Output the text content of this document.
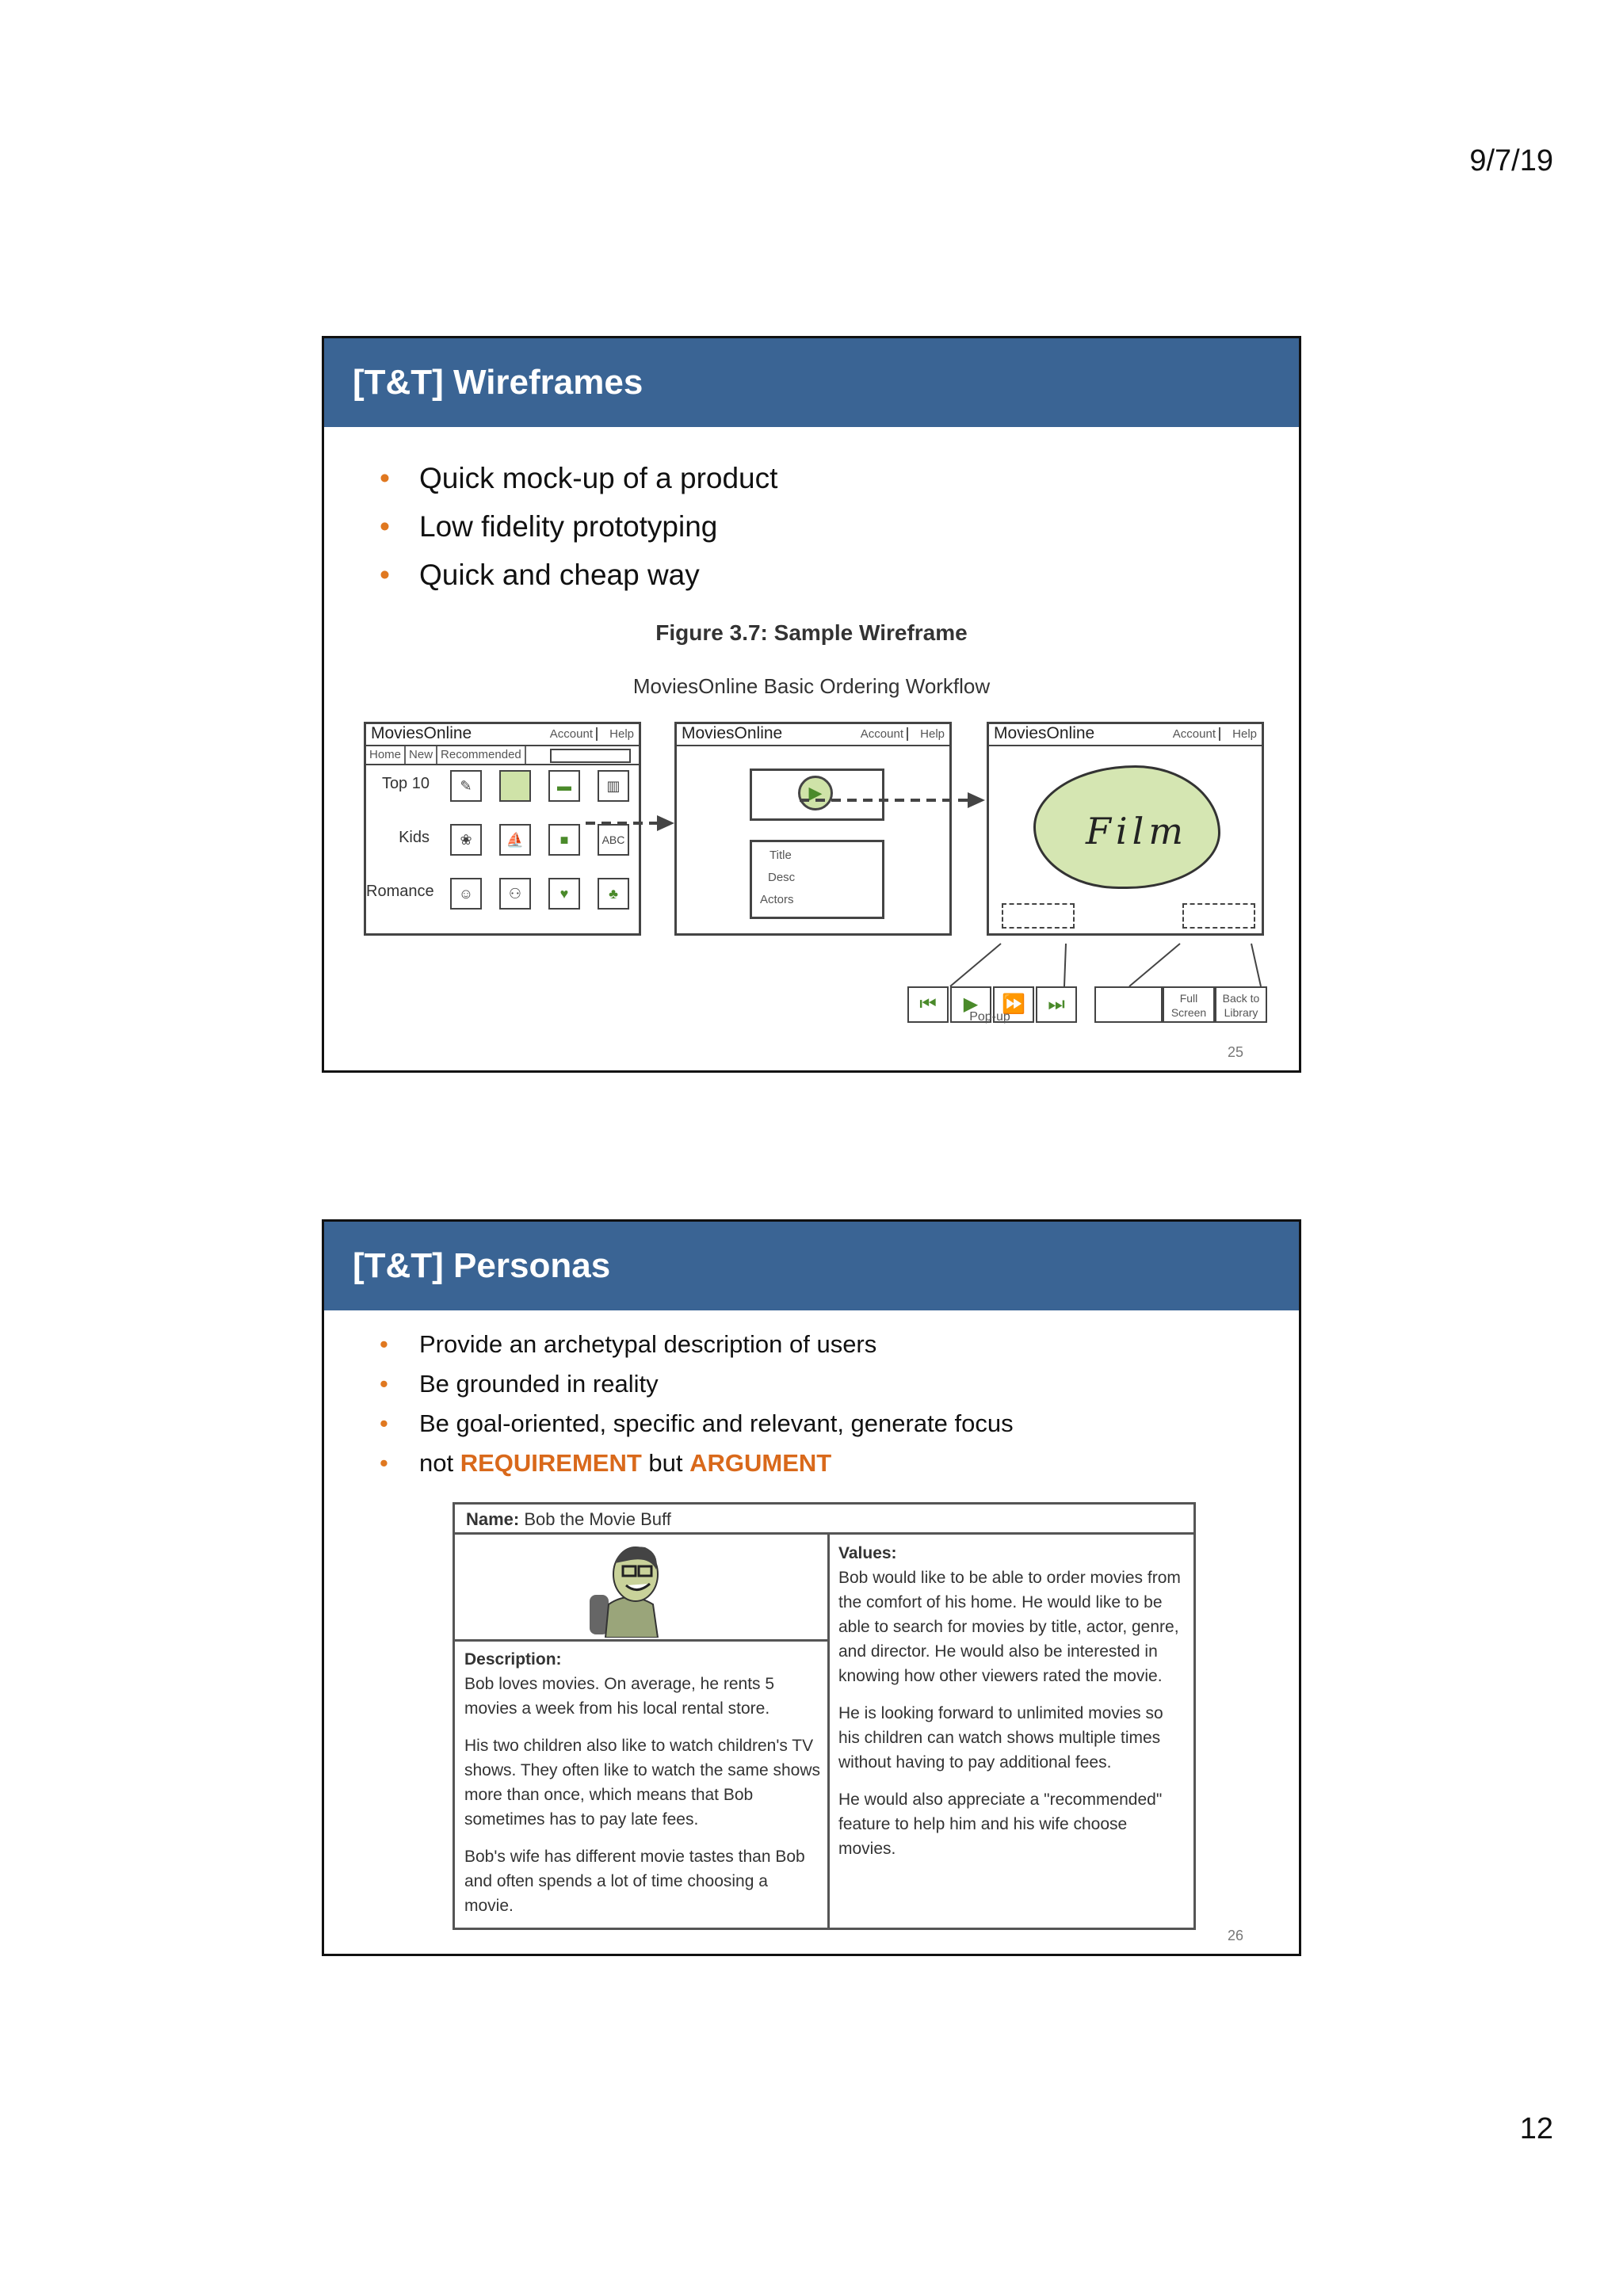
9/7/19
[T&T] Wireframes
• Quick mock-up of a product
• Low fidelity prototyping
• Quick and cheap way
Figure 3.7: Sample Wireframe
MoviesOnline Basic Ordering Workflow
MoviesOnline	Account	Help
Home New Recommended
Top 10
Kids
Romance
✎	▬	▥
❀	⛵	■	ABC
☺	⚇	♥	♣
MoviesOnline	Account	Help
▶
Title
Desc
Actors
MoviesOnline	Account	Help
Film
⏮	▶	⏩	⏭	Full Screen
Back to Library
Pop-up
25
[T&T] Personas
• Provide an archetypal description of users
• Be grounded in reality
• Be goal-oriented, specific and relevant, generate focus
• not REQUIREMENT but ARGUMENT
Name: Bob the Movie Buff
Description:
Bob loves movies. On average, he rents 5 movies a week from his local rental store.
His two children also like to watch children's TV shows. They often like to watch the same shows more than once, which means that Bob sometimes has to pay late fees.
Bob's wife has different movie tastes than Bob and often spends a lot of time choosing a movie.
Values:
Bob would like to be able to order movies from the comfort of his home. He would like to be able to search for movies by title, actor, genre, and director. He would also be interested in knowing how other viewers rated the movie.
He is looking forward to unlimited movies so his children can watch shows multiple times without having to pay additional fees.
He would also appreciate a "recommended" feature to help him and his wife choose movies.
26
12
